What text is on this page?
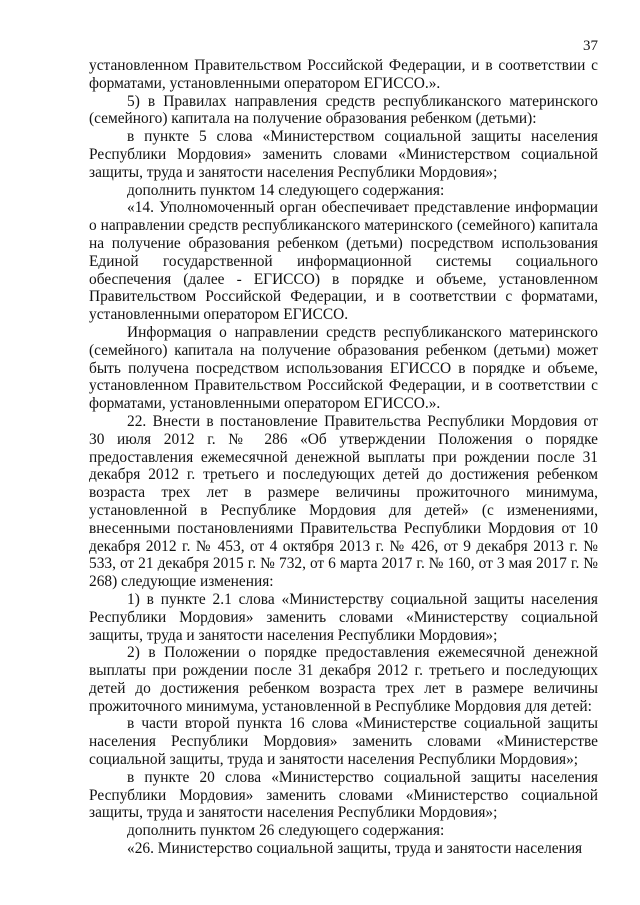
37

установленном Правительством Российской Федерации, и в соответствии с форматами, установленными оператором ЕГИССО.».

5) в Правилах направления средств республиканского материнского (семейного) капитала на получение образования ребенком (детьми):

в пункте 5 слова «Министерством социальной защиты населения Республики Мордовия» заменить словами «Министерством социальной защиты, труда и занятости населения Республики Мордовия»;

дополнить пунктом 14 следующего содержания:

«14. Уполномоченный орган обеспечивает представление информации о направлении средств республиканского материнского (семейного) капитала на получение образования ребенком (детьми) посредством использования Единой государственной информационной системы социального обеспечения (далее - ЕГИССО) в порядке и объеме, установленном Правительством Российской Федерации, и в соответствии с форматами, установленными оператором ЕГИССО.

Информация о направлении средств республиканского материнского (семейного) капитала на получение образования ребенком (детьми) может быть получена посредством использования ЕГИССО в порядке и объеме, установленном Правительством Российской Федерации, и в соответствии с форматами, установленными оператором ЕГИССО.».

22. Внести в постановление Правительства Республики Мордовия от 30 июля 2012 г. № 286 «Об утверждении Положения о порядке предоставления ежемесячной денежной выплаты при рождении после 31 декабря 2012 г. третьего и последующих детей до достижения ребенком возраста трех лет в размере величины прожиточного минимума, установленной в Республике Мордовия для детей» (с изменениями, внесенными постановлениями Правительства Республики Мордовия от 10 декабря 2012 г. № 453, от 4 октября 2013 г. № 426, от 9 декабря 2013 г. № 533, от 21 декабря 2015 г. № 732, от 6 марта 2017 г. № 160, от 3 мая 2017 г. № 268) следующие изменения:

1) в пункте 2.1 слова «Министерству социальной защиты населения Республики Мордовия» заменить словами «Министерству социальной защиты, труда и занятости населения Республики Мордовия»;

2) в Положении о порядке предоставления ежемесячной денежной выплаты при рождении после 31 декабря 2012 г. третьего и последующих детей до достижения ребенком возраста трех лет в размере величины прожиточного минимума, установленной в Республике Мордовия для детей:

в части второй пункта 16 слова «Министерстве социальной защиты населения Республики Мордовия» заменить словами «Министерстве социальной защиты, труда и занятости населения Республики Мордовия»;

в пункте 20 слова «Министерство социальной защиты населения Республики Мордовия» заменить словами «Министерство социальной защиты, труда и занятости населения Республики Мордовия»;

дополнить пунктом 26 следующего содержания:

«26. Министерство социальной защиты, труда и занятости населения
